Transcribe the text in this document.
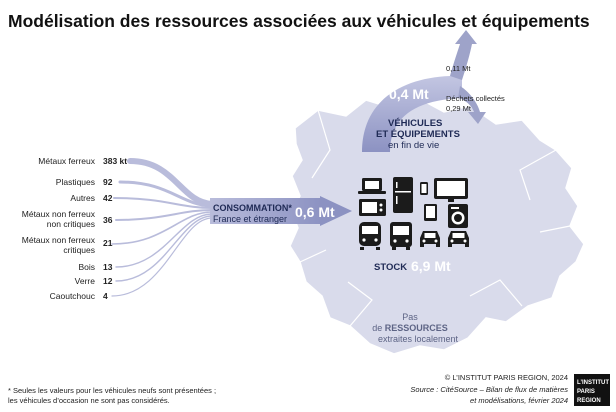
Modélisation des ressources associées aux véhicules et équipements
CONSOMMATION*
France et étranger 0,6 Mt
0,4 Mt
0,11 Mt
Déchets collectés
0,29 Mt
VÉHICULES
ET ÉQUIPEMENTS
en fin de vie
Métaux ferreux 383 kt
Plastiques 92
Autres 42
Métaux non ferreux
non critiques 36
Métaux non ferreux
critiques
21
Bois 13
Verre 12
Caoutchouc 4
STOCK 6,9 Mt
Pas
de RESSOURCES
extraites localement
* Seules les valeurs pour les véhicules neufs sont présentées ;
les véhicules d’occasion ne sont pas considérés.
© L’INSTITUT PARIS REGION, 2024
Source : CitéSource – Bilan de flux de matières
et modélisations, février 2024
L’INSTITUT
PARIS
REGION
